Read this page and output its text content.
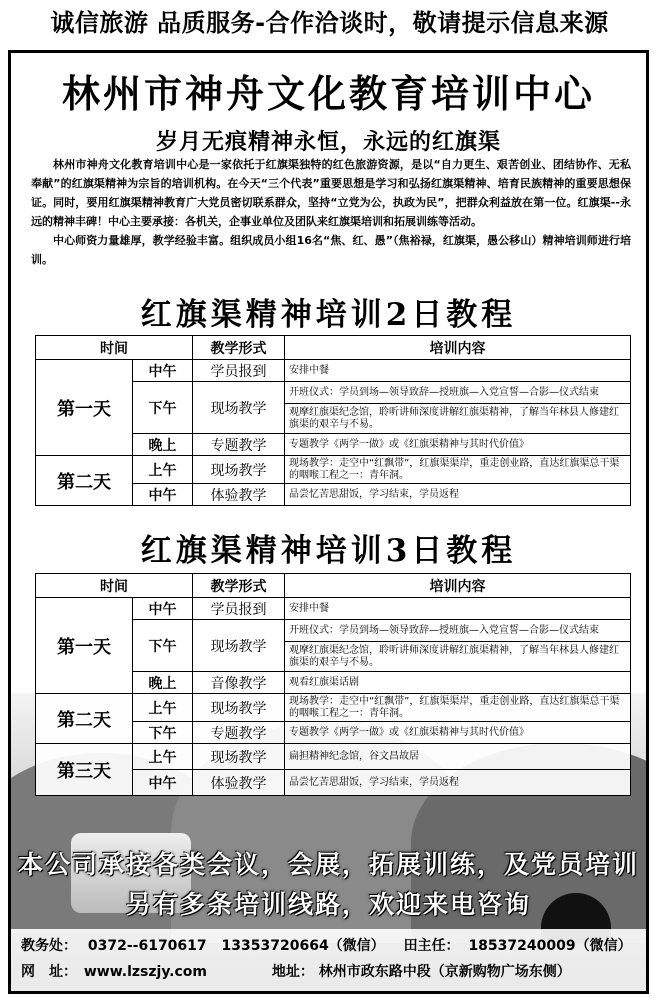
诚信旅游 品质服务-合作洽谈时，敬请提示信息来源
林州市神舟文化教育培训中心
岁月无痕精神永恒，永远的红旗渠

林州市神舟文化教育培训中心是一家依托于红旗渠独特的红色旅游资源，是以“自力更生、艰苦创业、团结协作、无私奉献”的红旗渠精神为宗旨的培训机构。在今天“三个代表”重要思想是学习和弘扬红旗渠精神、培育民族精神的重要思想保证。同时，要用红旗渠精神教育广大党员密切联系群众，坚持“立党为公，执政为民”，把群众利益放在第一位。红旗渠--永远的精神丰碑！中心主要承接：各机关，企事业单位及团队来红旗渠培训和拓展训练等活动。

中心师资力量雄厚，教学经验丰富。组织成员小组16名“焦、红、愚”（焦裕禄，红旗渠，愚公移山）精神培训师进行培训。

红旗渠精神培训2日教程
时间		教学形式	培训内容
第一天	中午	学员报到	安排中餐
	下午	现场教学	开班仪式：学员到场—领导致辞—授班旗—入党宣誓—合影—仪式结束
			观摩红旗渠纪念馆，聆听讲师深度讲解红旗渠精神，了解当年林县人修建红旗渠的艰辛与不易。
	晚上	专题教学	专题教学《两学一做》或《红旗渠精神与其时代价值》
第二天	上午	现场教学	现场教学：走空中“红飘带”，红旗渠渠岸，重走创业路，直达红旗渠总干渠的咽喉工程之一：青年洞。
	中午	体验教学	品尝忆苦思甜饭，学习结束，学员返程
红旗渠精神培训3日教程
时间		教学形式	培训内容
第一天	中午	学员报到	安排中餐
	下午	现场教学	开班仪式：学员到场—领导致辞—授班旗—入党宣誓—合影—仪式结束
			观摩红旗渠纪念馆，聆听讲师深度讲解红旗渠精神，了解当年林县人修建红旗渠的艰辛与不易。
	晚上	音像教学	观看红旗渠话剧
第二天	上午	现场教学	现场教学：走空中“红飘带”，红旗渠渠岸，重走创业路，直达红旗渠总干渠的咽喉工程之一：青年洞。
	下午	专题教学	专题教学《两学一做》或《红旗渠精神与其时代价值》
第三天	上午	现场教学	扁担精神纪念馆，谷文昌故居
	中午	体验教学	品尝忆苦思甜饭，学习结束，学员返程
本公司承接各类会议，会展，拓展训练，及党员培训
另有多条培训线路，欢迎来电咨询
教务处： 0372--6170617 13353720664（微信） 田主任： 18537240009（微信）
网　址： www.lzszjy.com	地址： 林州市政东路中段（京新购物广场东侧）
